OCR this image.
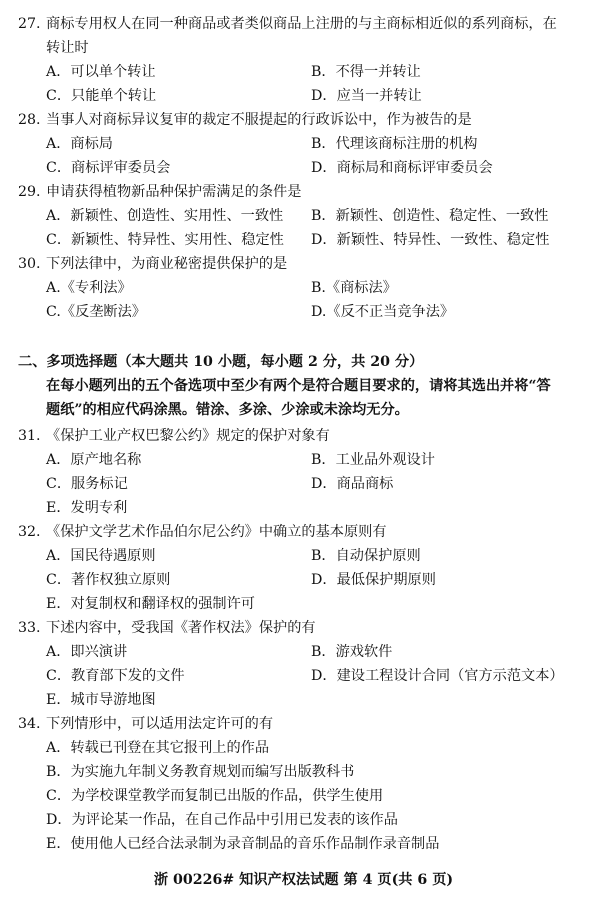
27. 商标专用权人在同一种商品或者类似商品上注册的与主商标相近似的系列商标，在
转让时
A．可以单个转让	B．不得一并转让
C．只能单个转让	D．应当一并转让
28. 当事人对商标异议复审的裁定不服提起的行政诉讼中，作为被告的是
A．商标局	B．代理该商标注册的机构
C．商标评审委员会	D．商标局和商标评审委员会
29. 申请获得植物新品种保护需满足的条件是
A．新颖性、创造性、实用性、一致性 B．新颖性、创造性、稳定性、一致性
C．新颖性、特异性、实用性、稳定性 D．新颖性、特异性、一致性、稳定性
30. 下列法律中，为商业秘密提供保护的是
A.《专利法》	B.《商标法》
C.《反垄断法》	D.《反不正当竞争法》
二、多项选择题（本大题共 10 小题，每小题 2 分，共 20 分）
在每小题列出的五个备选项中至少有两个是符合题目要求的，请将其选出并将“答
题纸”的相应代码涂黑。错涂、多涂、少涂或未涂均无分。
31. 《保护工业产权巴黎公约》规定的保护对象有
A．原产地名称	B．工业品外观设计
C．服务标记	D．商品商标
E．发明专利
32. 《保护文学艺术作品伯尔尼公约》中确立的基本原则有
A．国民待遇原则	B．自动保护原则
C．著作权独立原则	D．最低保护期原则
E．对复制权和翻译权的强制许可
33. 下述内容中，受我国《著作权法》保护的有
A．即兴演讲	B．游戏软件
C．教育部下发的文件	D．建设工程设计合同（官方示范文本）
E．城市导游地图
34. 下列情形中，可以适用法定许可的有
A．转载已刊登在其它报刊上的作品
B．为实施九年制义务教育规划而编写出版教科书
C．为学校课堂教学而复制已出版的作品，供学生使用
D．为评论某一作品，在自己作品中引用已发表的该作品
E．使用他人已经合法录制为录音制品的音乐作品制作录音制品
浙 00226# 知识产权法试题 第 4 页(共 6 页)
